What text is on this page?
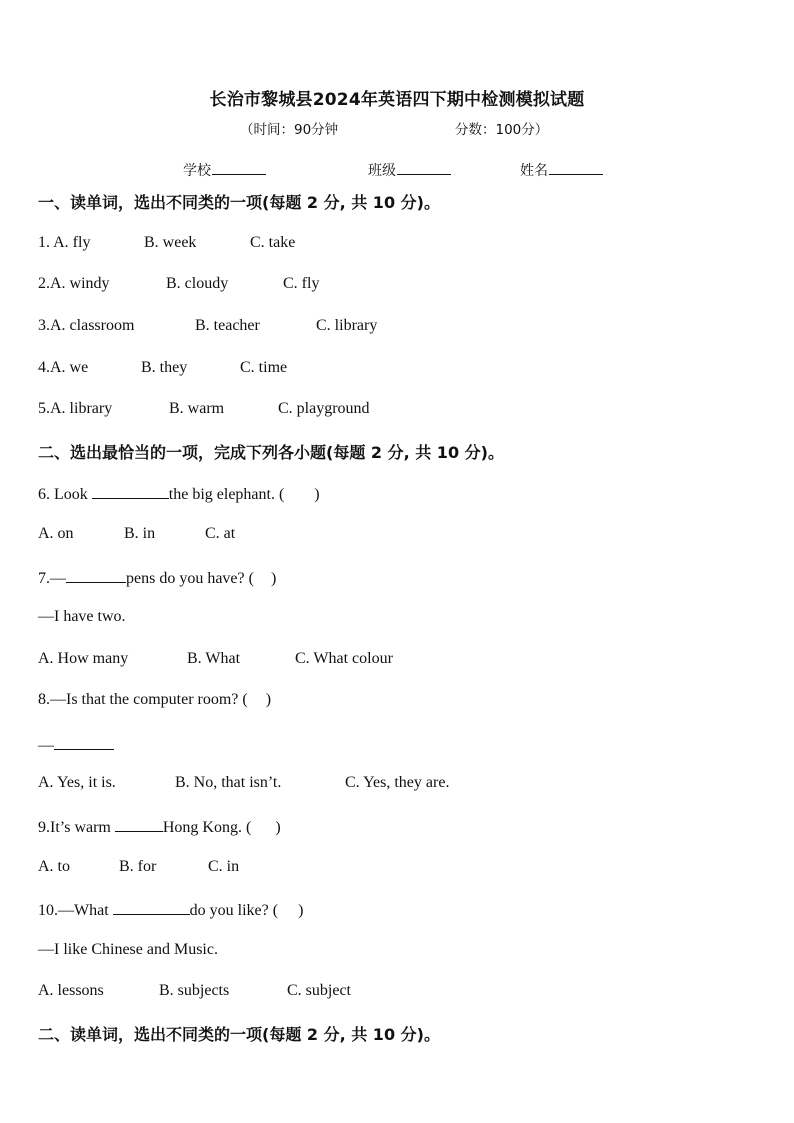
长治市黎城县2024年英语四下期中检测模拟试题
（时间：90分钟	分数：100分）
学校	班级	姓名
一、读单词，选出不同类的一项(每题 2 分, 共 10 分)。
1. A. fly	B. week	C. take
2.A. windy	B. cloudy	C. fly
3.A. classroom	B. teacher	C. library
4.A. we	B. they	C. time
5.A. library	B. warm	C. playground
二、选出最恰当的一项，完成下列各小题(每题 2 分, 共 10 分)。
6. Look	the big elephant. ( )
A. on	B. in	C. at
7.—	pens do you have? ( )
—I have two.
A. How many	B. What	C. What colour
8.—Is that the computer room? ( )
—
A. Yes, it is.	B. No, that isn’t.	C. Yes, they are.
9.It’s warm	Hong Kong. ( )
A. to	B. for	C. in
10.—What	do you like? ( )
—I like Chinese and Music.
A. lessons	B. subjects	C. subject
二、读单词，选出不同类的一项(每题 2 分, 共 10 分)。
